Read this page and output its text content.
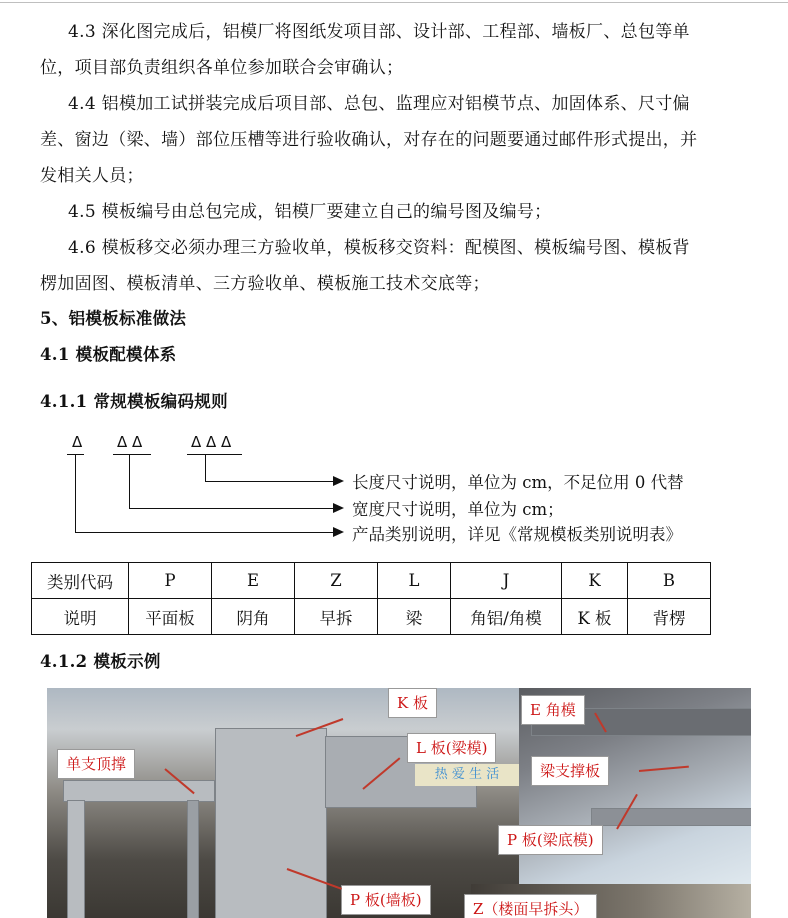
4.3 深化图完成后，铝模厂将图纸发项目部、设计部、工程部、墙板厂、总包等单位，项目部负责组织各单位参加联合会审确认；
4.4 铝模加工试拼装完成后项目部、总包、监理应对铝模节点、加固体系、尺寸偏差、窗边（梁、墙）部位压槽等进行验收确认，对存在的问题要通过邮件形式提出，并发相关人员；
4.5 模板编号由总包完成，铝模厂要建立自己的编号图及编号；
4.6 模板移交必须办理三方验收单，模板移交资料：配模图、模板编号图、模板背楞加固图、模板清单、三方验收单、模板施工技术交底等；
5、铝模板标准做法
4.1 模板配模体系
4.1.1 常规模板编码规则
Δ Δ Δ	Δ Δ Δ
长度尺寸说明，单位为 cm，不足位用 0 代替
宽度尺寸说明，单位为 cm；
产品类别说明，详见《常规模板类别说明表》
类别代码	P	E	Z	L	J	K	B
说明	平面板	阴角	早拆	梁	角铝/角模	K 板	背楞
4.1.2 模板示例
热 爱 生 活
K 板
单支顶撑
L 板(梁模)
E 角模
梁支撑板
P 板(梁底模)
P 板(墙板)	Z（楼面早拆头）
